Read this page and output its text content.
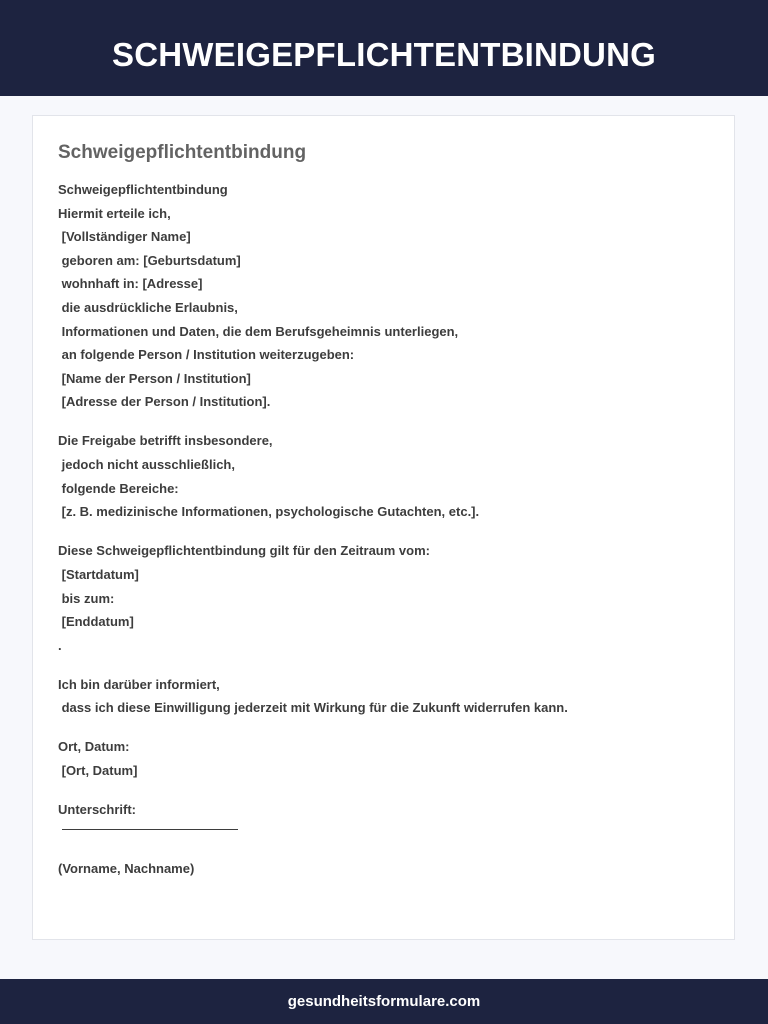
SCHWEIGEPFLICHTENTBINDUNG
Schweigepflichtentbindung
Schweigepflichtentbindung
Hiermit erteile ich,
[Vollständiger Name]
geboren am: [Geburtsdatum]
wohnhaft in: [Adresse]
die ausdrückliche Erlaubnis,
Informationen und Daten, die dem Berufsgeheimnis unterliegen,
an folgende Person / Institution weiterzugeben:
[Name der Person / Institution]
[Adresse der Person / Institution].
Die Freigabe betrifft insbesondere,
jedoch nicht ausschließlich,
folgende Bereiche:
[z. B. medizinische Informationen, psychologische Gutachten, etc.].
Diese Schweigepflichtentbindung gilt für den Zeitraum vom:
[Startdatum]
bis zum:
[Enddatum]
.
Ich bin darüber informiert,
dass ich diese Einwilligung jederzeit mit Wirkung für die Zukunft widerrufen kann.
Ort, Datum:
[Ort, Datum]
Unterschrift:
(Vorname, Nachname)
gesundheitsformulare.com
